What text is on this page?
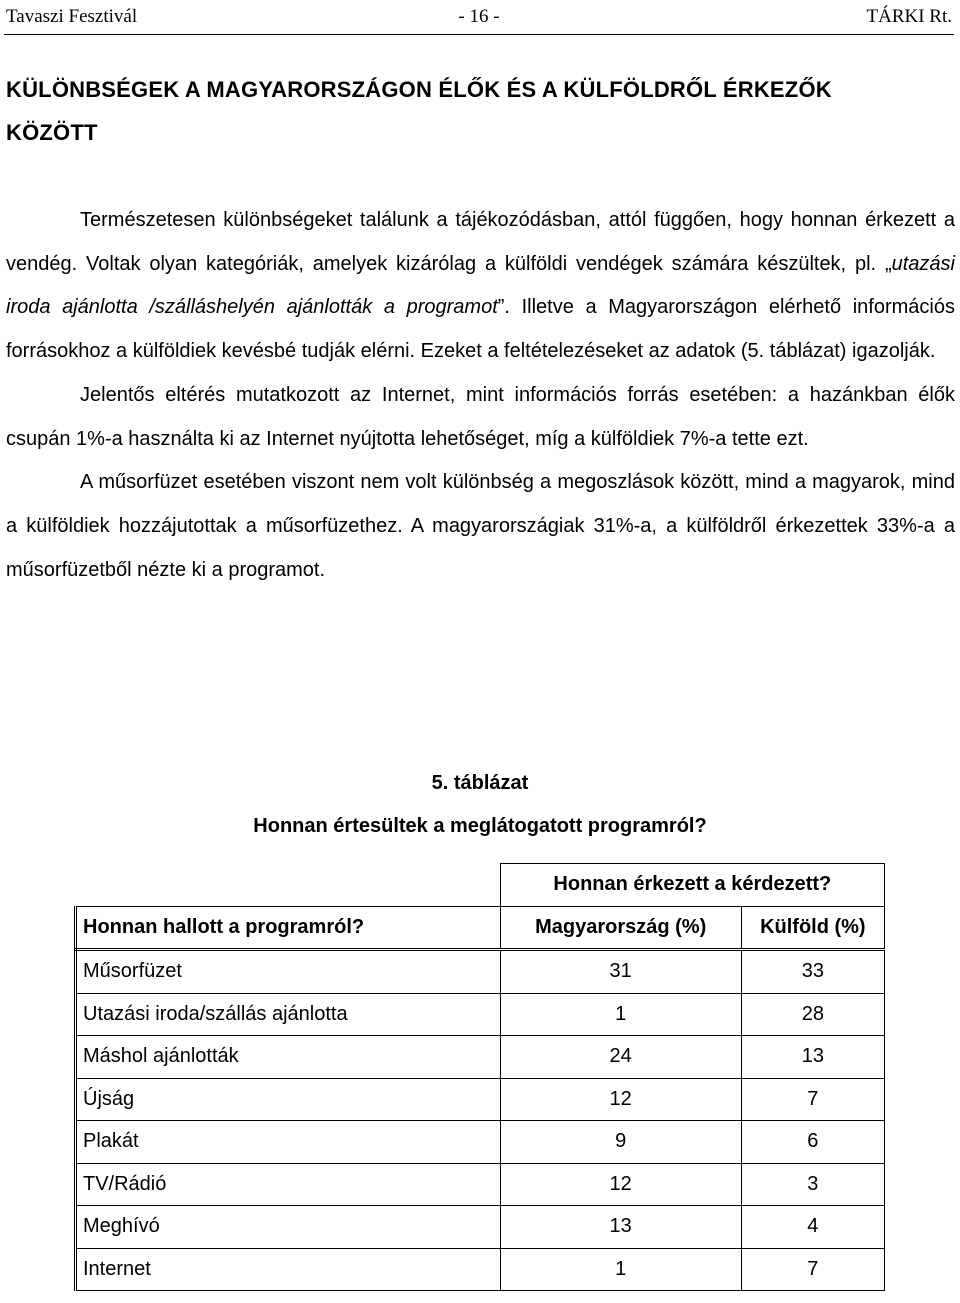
Tavaszi Fesztivál	- 16 -	TÁRKI Rt.
KÜLÖNBSÉGEK A MAGYARORSZÁGON ÉLŐK ÉS A KÜLFÖLDRŐL ÉRKEZŐK
KÖZÖTT

Természetesen különbségeket találunk a tájékozódásban, attól függően, hogy honnan érkezett a vendég. Voltak olyan kategóriák, amelyek kizárólag a külföldi vendégek számára készültek, pl. „utazási iroda ajánlotta /szálláshelyén ajánlották a programot”. Illetve a Magyarországon elérhető információs forrásokhoz a külföldiek kevésbé tudják elérni. Ezeket a feltételezéseket az adatok (5. táblázat) igazolják.

Jelentős eltérés mutatkozott az Internet, mint információs forrás esetében: a hazánkban élők csupán 1%-a használta ki az Internet nyújtotta lehetőséget, míg a külföldiek 7%-a tette ezt.

A műsorfüzet esetében viszont nem volt különbség a megoszlások között, mind a magyarok, mind a külföldiek hozzájutottak a műsorfüzethez. A magyarországiak 31%-a, a külföldről érkezettek 33%-a a műsorfüzetből nézte ki a programot.

5. táblázat
Honnan értesültek a meglátogatott programról?
	Honnan érkezett a kérdezett?	
Honnan hallott a programról?	Magyarország (%)	Külföld (%)
Műsorfüzet	31	33
Utazási iroda/szállás ajánlotta	1	28
Máshol ajánlották	24	13
Újság	12	7
Plakát	9	6
TV/Rádió	12	3
Meghívó	13	4
Internet	1	7
